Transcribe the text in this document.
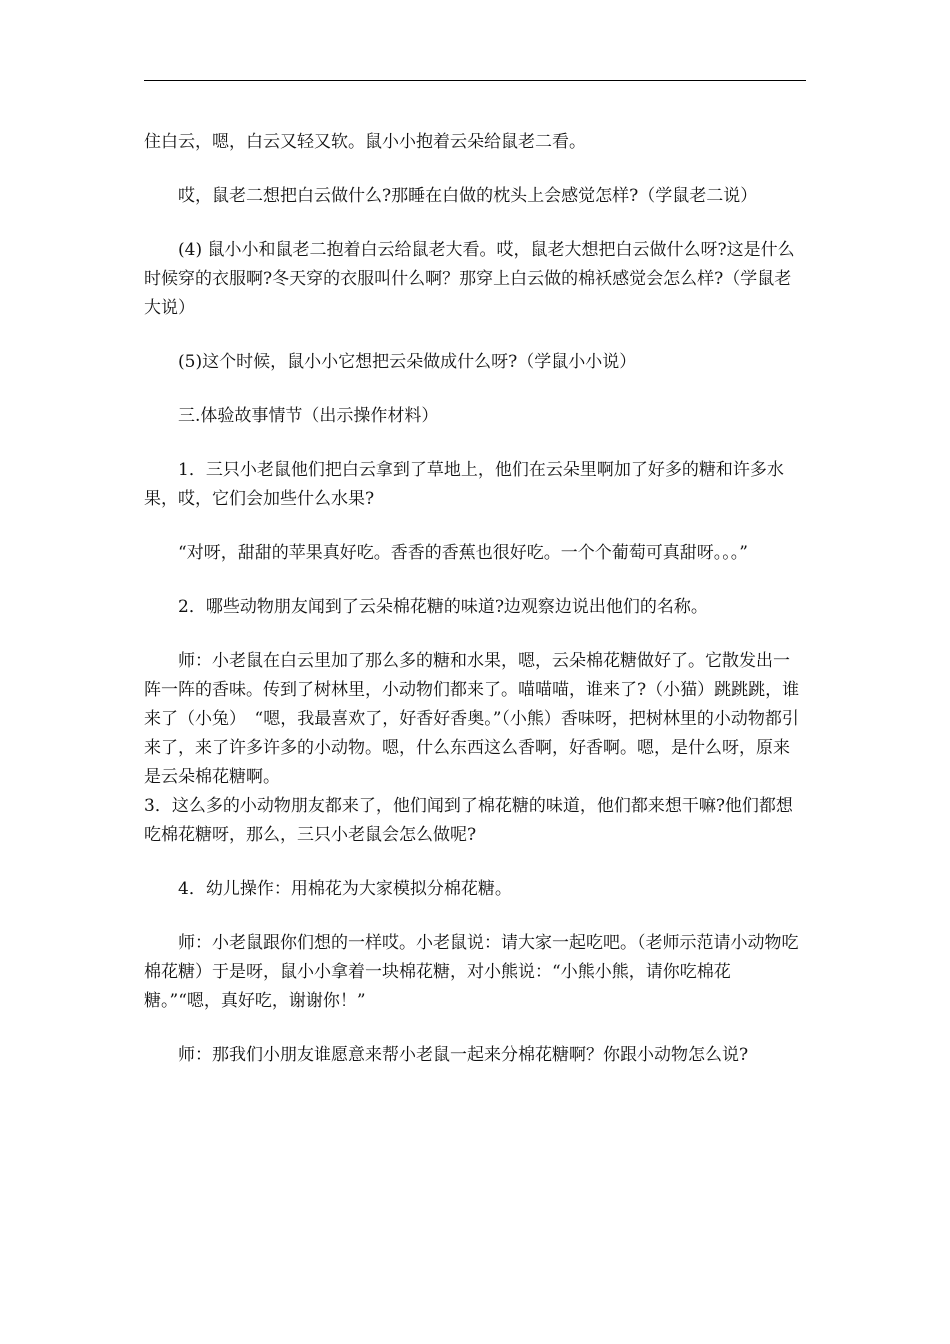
住白云，嗯，白云又轻又软。鼠小小抱着云朵给鼠老二看。

哎，鼠老二想把白云做什么?那睡在白做的枕头上会感觉怎样?（学鼠老二说）

(4) 鼠小小和鼠老二抱着白云给鼠老大看。哎，鼠老大想把白云做什么呀?这是什么时候穿的衣服啊?冬天穿的衣服叫什么啊？那穿上白云做的棉袄感觉会怎么样?（学鼠老大说）

(5)这个时候，鼠小小它想把云朵做成什么呀?（学鼠小小说）

三.体验故事情节（出示操作材料）

1．三只小老鼠他们把白云拿到了草地上，他们在云朵里啊加了好多的糖和许多水果，哎，它们会加些什么水果?

“对呀，甜甜的苹果真好吃。香香的香蕉也很好吃。一个个葡萄可真甜呀。。。”

2．哪些动物朋友闻到了云朵棉花糖的味道?边观察边说出他们的名称。

师：小老鼠在白云里加了那么多的糖和水果，嗯，云朵棉花糖做好了。它散发出一阵一阵的香味。传到了树林里，小动物们都来了。喵喵喵，谁来了?（小猫）跳跳跳，谁来了（小兔）　“嗯，我最喜欢了，好香好香奥。”（小熊）香味呀，把树林里的小动物都引来了，来了许多许多的小动物。嗯，什么东西这么香啊，好香啊。嗯，是什么呀，原来是云朵棉花糖啊。

3．这么多的小动物朋友都来了，他们闻到了棉花糖的味道，他们都来想干嘛?他们都想吃棉花糖呀，那么，三只小老鼠会怎么做呢?

4．幼儿操作：用棉花为大家模拟分棉花糖。

师：小老鼠跟你们想的一样哎。小老鼠说：请大家一起吃吧。（老师示范请小动物吃棉花糖）于是呀，鼠小小拿着一块棉花糖，对小熊说：“小熊小熊，请你吃棉花糖。”“嗯，真好吃，谢谢你！”

师：那我们小朋友谁愿意来帮小老鼠一起来分棉花糖啊？你跟小动物怎么说?
